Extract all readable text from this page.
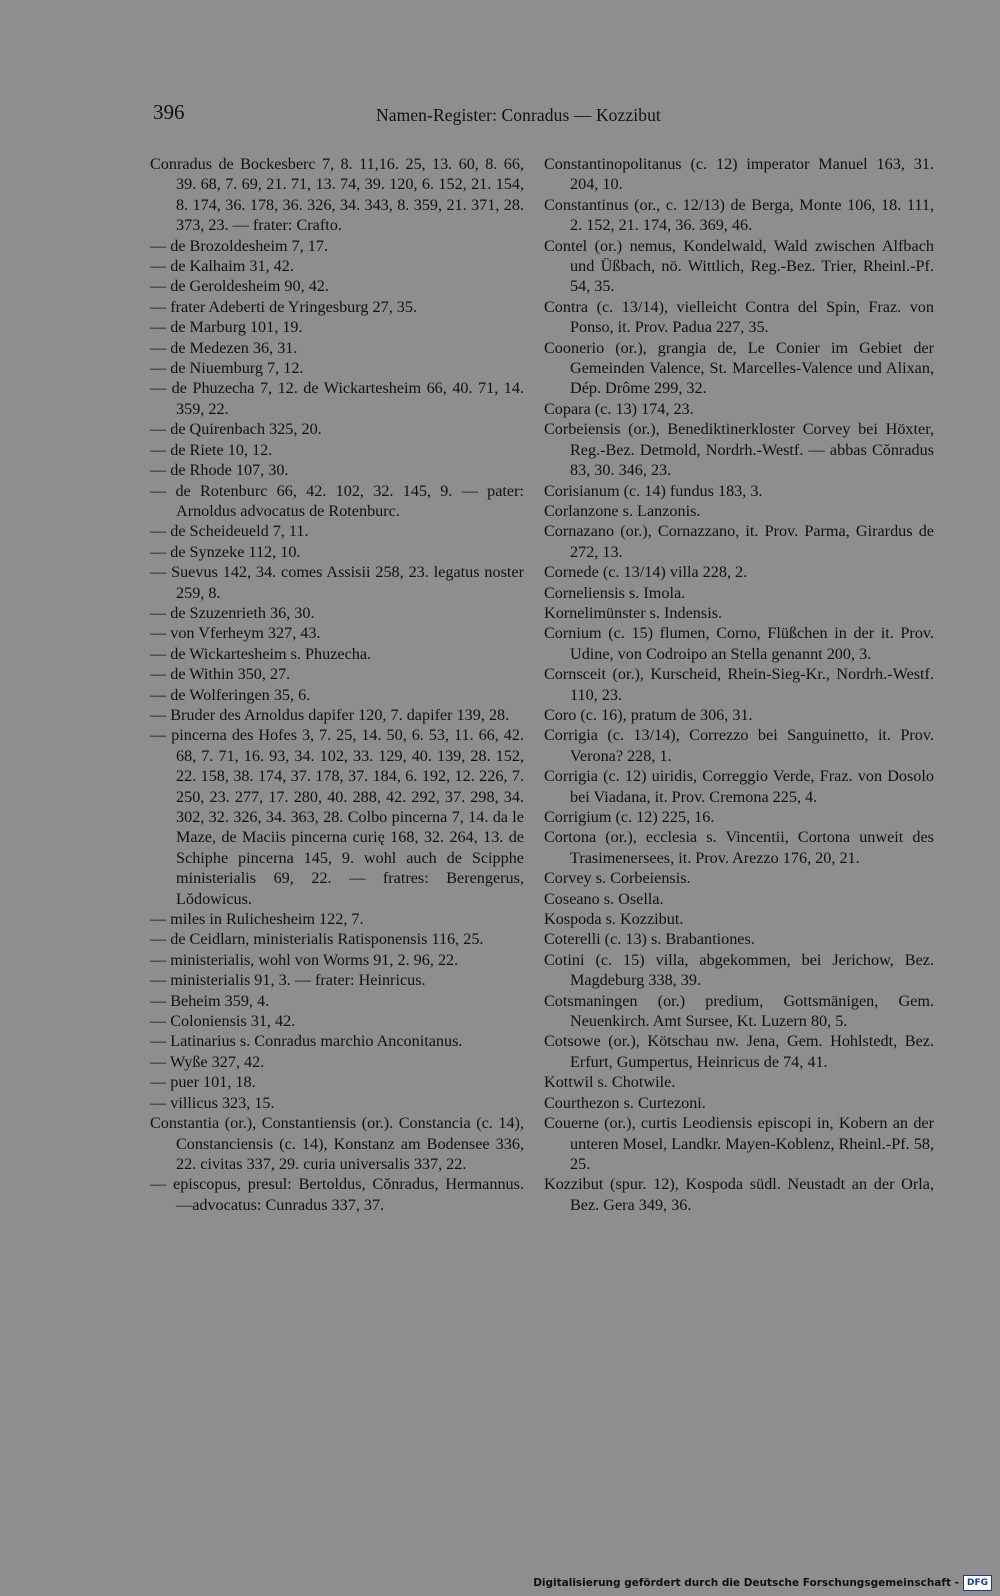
396	Namen-Register: Conradus — Kozzibut

Conradus de Bockesberc 7, 8. 11,16. 25, 13. 60, 8. 66, 39. 68, 7. 69, 21. 71, 13. 74, 39. 120, 6. 152, 21. 154, 8. 174, 36. 178, 36. 326, 34. 343, 8. 359, 21. 371, 28. 373, 23. — frater: Crafto.

— de Brozoldesheim 7, 17.

— de Kalhaim 31, 42.

— de Geroldesheim 90, 42.

— frater Adeberti de Yringesburg 27, 35.

— de Marburg 101, 19.

— de Medezen 36, 31.

— de Niuemburg 7, 12.

— de Phuzecha 7, 12. de Wickartesheim 66, 40. 71, 14. 359, 22.

— de Quirenbach 325, 20.

— de Riete 10, 12.

— de Rhode 107, 30.

— de Rotenburc 66, 42. 102, 32. 145, 9. — pater: Arnoldus advocatus de Rotenburc.

— de Scheideueld 7, 11.

— de Synzeke 112, 10.

— Suevus 142, 34. comes Assisii 258, 23. legatus noster 259, 8.

— de Szuzenrieth 36, 30.

— von Vferheym 327, 43.

— de Wickartesheim s. Phuzecha.

— de Within 350, 27.

— de Wolferingen 35, 6.

— Bruder des Arnoldus dapifer 120, 7. dapifer 139, 28.

— pincerna des Hofes 3, 7. 25, 14. 50, 6. 53, 11. 66, 42. 68, 7. 71, 16. 93, 34. 102, 33. 129, 40. 139, 28. 152, 22. 158, 38. 174, 37. 178, 37. 184, 6. 192, 12. 226, 7. 250, 23. 277, 17. 280, 40. 288, 42. 292, 37. 298, 34. 302, 32. 326, 34. 363, 28. Colbo pincerna 7, 14. da le Maze, de Maciis pincerna curię 168, 32. 264, 13. de Schiphe pincerna 145, 9. wohl auch de Scipphe ministerialis 69, 22. — fratres: Berengerus, Lŏdowicus.

— miles in Rulichesheim 122, 7.

— de Ceidlarn, ministerialis Ratisponensis 116, 25.

— ministerialis, wohl von Worms 91, 2. 96, 22.

— ministerialis 91, 3. — frater: Heinricus.

— Beheim 359, 4.

— Coloniensis 31, 42.

— Latinarius s. Conradus marchio Anconitanus.

— Wyße 327, 42.

— puer 101, 18.

— villicus 323, 15.

Constantia (or.), Constantiensis (or.). Constancia (c. 14), Constanciensis (c. 14), Konstanz am Bodensee 336, 22. civitas 337, 29. curia universalis 337, 22.

— episcopus, presul: Bertoldus, Cŏnradus, Hermannus.—advocatus: Cunradus 337, 37.

Constantinopolitanus (c. 12) imperator Manuel 163, 31. 204, 10.

Constantinus (or., c. 12/13) de Berga, Monte 106, 18. 111, 2. 152, 21. 174, 36. 369, 46.

Contel (or.) nemus, Kondelwald, Wald zwischen Alfbach und Üßbach, nö. Wittlich, Reg.-Bez. Trier, Rheinl.-Pf. 54, 35.

Contra (c. 13/14), vielleicht Contra del Spin, Fraz. von Ponso, it. Prov. Padua 227, 35.

Coonerio (or.), grangia de, Le Conier im Gebiet der Gemeinden Valence, St. Marcelles-Valence und Alixan, Dép. Drôme 299, 32.

Copara (c. 13) 174, 23.

Corbeiensis (or.), Benediktinerkloster Corvey bei Höxter, Reg.-Bez. Detmold, Nordrh.-Westf. — abbas Cŏnradus 83, 30. 346, 23.

Corisianum (c. 14) fundus 183, 3.

Corlanzone s. Lanzonis.

Cornazano (or.), Cornazzano, it. Prov. Parma, Girardus de 272, 13.

Cornede (c. 13/14) villa 228, 2.

Corneliensis s. Imola.

Kornelimünster s. Indensis.

Cornium (c. 15) flumen, Corno, Flüßchen in der it. Prov. Udine, von Codroipo an Stella genannt 200, 3.

Cornsceit (or.), Kurscheid, Rhein-Sieg-Kr., Nordrh.-Westf. 110, 23.

Coro (c. 16), pratum de 306, 31.

Corrigia (c. 13/14), Correzzo bei Sanguinetto, it. Prov. Verona? 228, 1.

Corrigia (c. 12) uiridis, Correggio Verde, Fraz. von Dosolo bei Viadana, it. Prov. Cremona 225, 4.

Corrigium (c. 12) 225, 16.

Cortona (or.), ecclesia s. Vincentii, Cortona unweit des Trasimenersees, it. Prov. Arezzo 176, 20, 21.

Corvey s. Corbeiensis.

Coseano s. Osella.

Kospoda s. Kozzibut.

Coterelli (c. 13) s. Brabantiones.

Cotini (c. 15) villa, abgekommen, bei Jerichow, Bez. Magdeburg 338, 39.

Cotsmaningen (or.) predium, Gottsmänigen, Gem. Neuenkirch. Amt Sursee, Kt. Luzern 80, 5.

Cotsowe (or.), Kötschau nw. Jena, Gem. Hohlstedt, Bez. Erfurt, Gumpertus, Heinricus de 74, 41.

Kottwil s. Chotwile.

Courthezon s. Curtezoni.

Couerne (or.), curtis Leodiensis episcopi in, Kobern an der unteren Mosel, Landkr. Mayen-Koblenz, Rheinl.-Pf. 58, 25.

Kozzibut (spur. 12), Kospoda südl. Neustadt an der Orla, Bez. Gera 349, 36.

Digitalisierung gefördert durch die Deutsche Forschungsgemeinschaft - DFG
